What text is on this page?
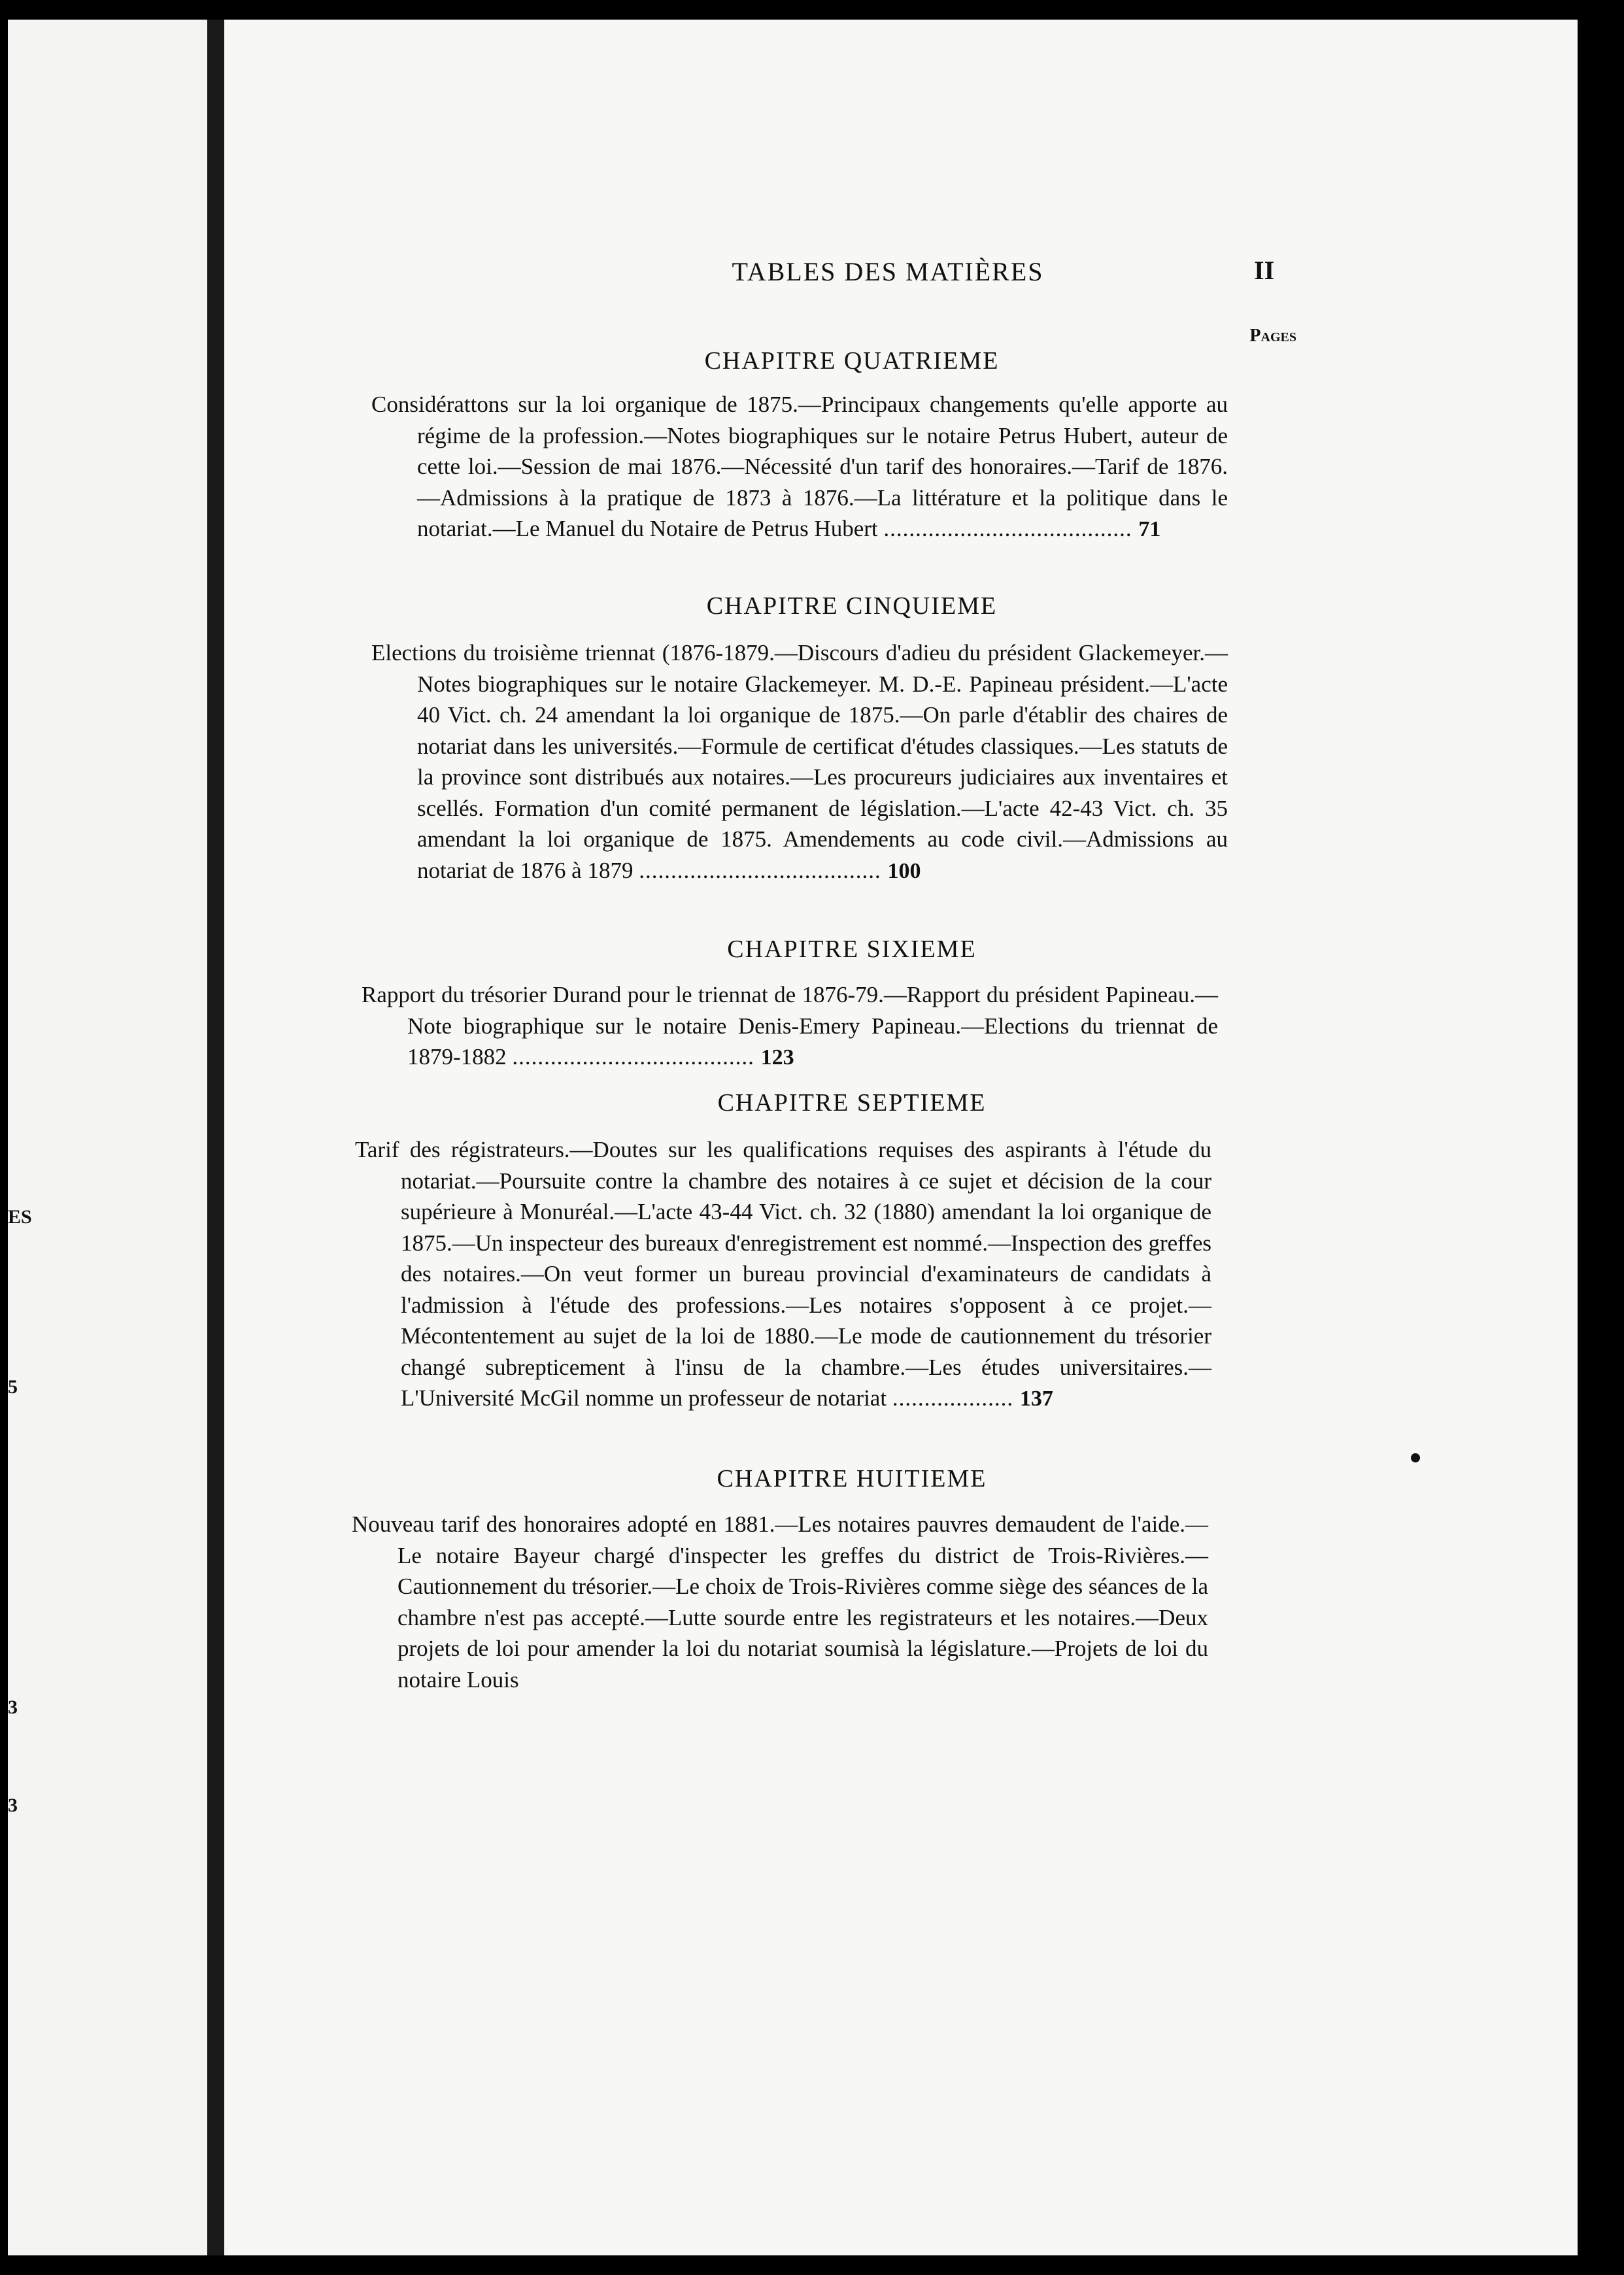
ES
5
3
3
TABLES DES MATIÈRES	II
Pages
CHAPITRE QUATRIEME
Considérattons sur la loi organique de 1875.—Principaux changements qu'elle apporte au régime de la profession.—Notes biographiques sur le notaire Petrus Hubert, auteur de cette loi.—Session de mai 1876.—Nécessité d'un tarif des honoraires.—Tarif de 1876.—Admissions à la pratique de 1873 à 1876.—La littérature et la politique dans le notariat.—Le Manuel du Notaire de Petrus Hubert ....................................... 71
CHAPITRE CINQUIEME
Elections du troisième triennat (1876-1879.—Discours d'adieu du président Glackemeyer.—Notes biographiques sur le notaire Glackemeyer. M. D.-E. Papineau président.—L'acte 40 Vict. ch. 24 amendant la loi organique de 1875.—On parle d'établir des chaires de notariat dans les universités.—Formule de certificat d'études classiques.—Les statuts de la province sont distribués aux notaires.—Les procureurs judiciaires aux inventaires et scellés. Formation d'un comité permanent de législation.—L'acte 42-43 Vict. ch. 35 amendant la loi organique de 1875. Amendements au code civil.—Admissions au notariat de 1876 à 1879 ...................................... 100
CHAPITRE SIXIEME
Rapport du trésorier Durand pour le triennat de 1876-79.—Rapport du président Papineau.—Note biographique sur le notaire Denis-Emery Papineau.—Elections du triennat de 1879-1882 ...................................... 123
CHAPITRE SEPTIEME
Tarif des régistrateurs.—Doutes sur les qualifications requises des aspirants à l'étude du notariat.—Poursuite contre la chambre des notaires à ce sujet et décision de la cour supérieure à Monuréal.—L'acte 43-44 Vict. ch. 32 (1880) amendant la loi organique de 1875.—Un inspecteur des bureaux d'enregistrement est nommé.—Inspection des greffes des notaires.—On veut former un bureau provincial d'examinateurs de candidats à l'admission à l'étude des professions.—Les notaires s'opposent à ce projet.—Mécontentement au sujet de la loi de 1880.—Le mode de cautionnement du trésorier changé subrepticement à l'insu de la chambre.—Les études universitaires.—L'Université McGil nomme un professeur de notariat ................... 137
CHAPITRE HUITIEME
Nouveau tarif des honoraires adopté en 1881.—Les notaires pauvres demaudent de l'aide.—Le notaire Bayeur chargé d'inspecter les greffes du district de Trois-Rivières.—Cautionnement du trésorier.—Le choix de Trois-Rivières comme siège des séances de la chambre n'est pas accepté.—Lutte sourde entre les registrateurs et les notaires.—Deux projets de loi pour amender la loi du notariat soumisà la législature.—Projets de loi du notaire Louis
